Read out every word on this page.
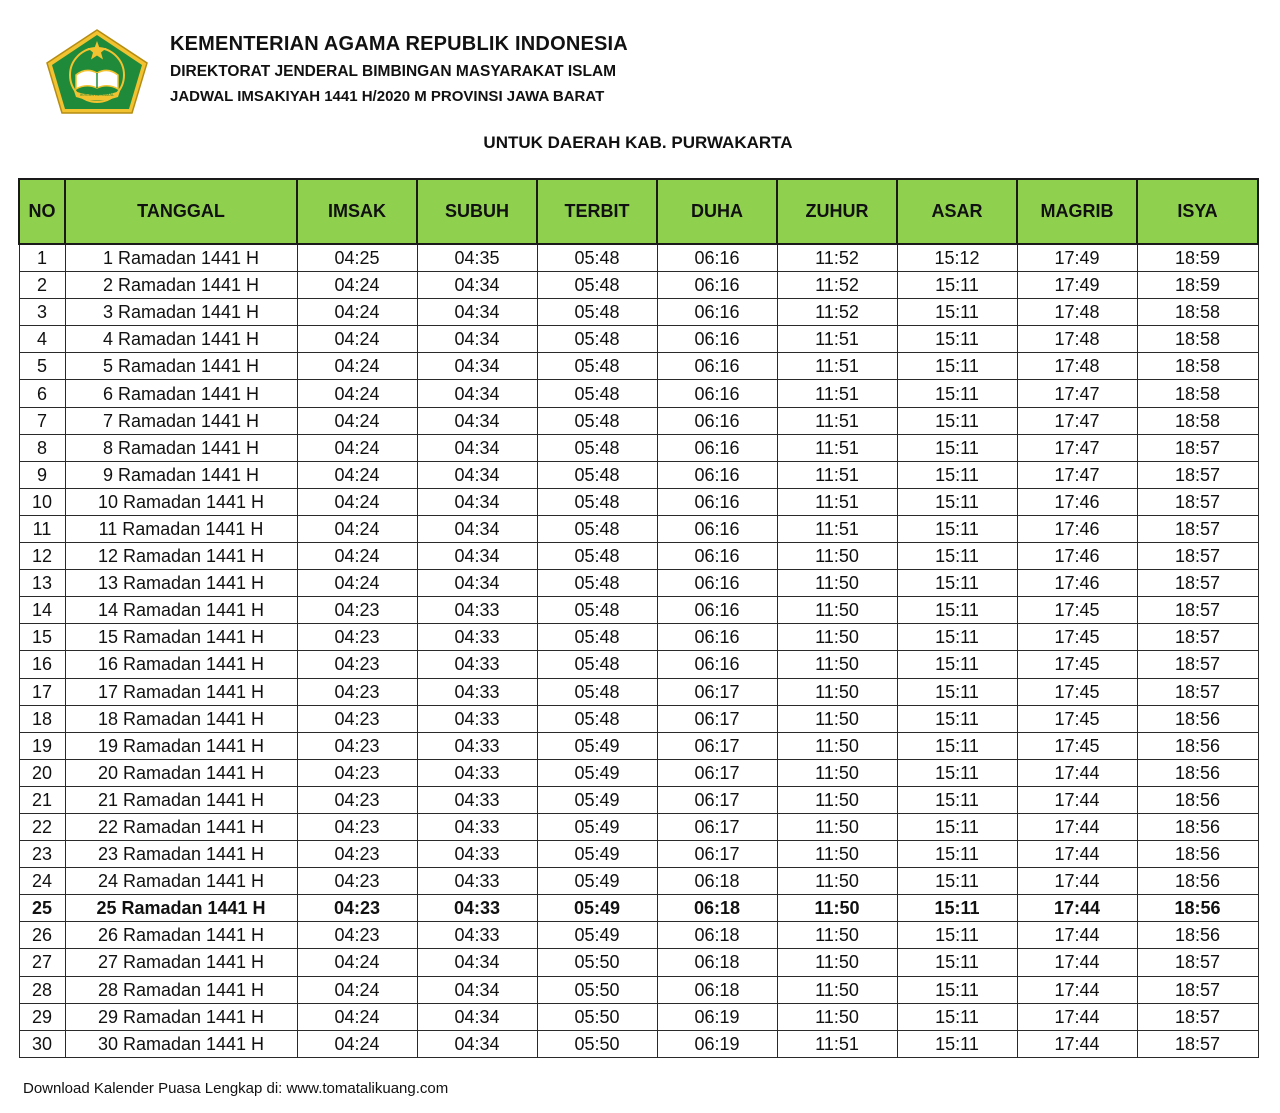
IKHLAS BERAMAL
KEMENTERIAN AGAMA REPUBLIK INDONESIA
DIREKTORAT JENDERAL BIMBINGAN MASYARAKAT ISLAM
JADWAL IMSAKIYAH 1441 H/2020 M PROVINSI JAWA BARAT
UNTUK DAERAH KAB. PURWAKARTA
NO	TANGGAL	IMSAK	SUBUH	TERBIT	DUHA	ZUHUR	ASAR	MAGRIB	ISYA
1	1 Ramadan 1441 H	04:25	04:35	05:48	06:16	11:52	15:12	17:49	18:59
2	2 Ramadan 1441 H	04:24	04:34	05:48	06:16	11:52	15:11	17:49	18:59
3	3 Ramadan 1441 H	04:24	04:34	05:48	06:16	11:52	15:11	17:48	18:58
4	4 Ramadan 1441 H	04:24	04:34	05:48	06:16	11:51	15:11	17:48	18:58
5	5 Ramadan 1441 H	04:24	04:34	05:48	06:16	11:51	15:11	17:48	18:58
6	6 Ramadan 1441 H	04:24	04:34	05:48	06:16	11:51	15:11	17:47	18:58
7	7 Ramadan 1441 H	04:24	04:34	05:48	06:16	11:51	15:11	17:47	18:58
8	8 Ramadan 1441 H	04:24	04:34	05:48	06:16	11:51	15:11	17:47	18:57
9	9 Ramadan 1441 H	04:24	04:34	05:48	06:16	11:51	15:11	17:47	18:57
10	10 Ramadan 1441 H	04:24	04:34	05:48	06:16	11:51	15:11	17:46	18:57
11	11 Ramadan 1441 H	04:24	04:34	05:48	06:16	11:51	15:11	17:46	18:57
12	12 Ramadan 1441 H	04:24	04:34	05:48	06:16	11:50	15:11	17:46	18:57
13	13 Ramadan 1441 H	04:24	04:34	05:48	06:16	11:50	15:11	17:46	18:57
14	14 Ramadan 1441 H	04:23	04:33	05:48	06:16	11:50	15:11	17:45	18:57
15	15 Ramadan 1441 H	04:23	04:33	05:48	06:16	11:50	15:11	17:45	18:57
16	16 Ramadan 1441 H	04:23	04:33	05:48	06:16	11:50	15:11	17:45	18:57
17	17 Ramadan 1441 H	04:23	04:33	05:48	06:17	11:50	15:11	17:45	18:57
18	18 Ramadan 1441 H	04:23	04:33	05:48	06:17	11:50	15:11	17:45	18:56
19	19 Ramadan 1441 H	04:23	04:33	05:49	06:17	11:50	15:11	17:45	18:56
20	20 Ramadan 1441 H	04:23	04:33	05:49	06:17	11:50	15:11	17:44	18:56
21	21 Ramadan 1441 H	04:23	04:33	05:49	06:17	11:50	15:11	17:44	18:56
22	22 Ramadan 1441 H	04:23	04:33	05:49	06:17	11:50	15:11	17:44	18:56
23	23 Ramadan 1441 H	04:23	04:33	05:49	06:17	11:50	15:11	17:44	18:56
24	24 Ramadan 1441 H	04:23	04:33	05:49	06:18	11:50	15:11	17:44	18:56
25	25 Ramadan 1441 H	04:23	04:33	05:49	06:18	11:50	15:11	17:44	18:56
26	26 Ramadan 1441 H	04:23	04:33	05:49	06:18	11:50	15:11	17:44	18:56
27	27 Ramadan 1441 H	04:24	04:34	05:50	06:18	11:50	15:11	17:44	18:57
28	28 Ramadan 1441 H	04:24	04:34	05:50	06:18	11:50	15:11	17:44	18:57
29	29 Ramadan 1441 H	04:24	04:34	05:50	06:19	11:50	15:11	17:44	18:57
30	30 Ramadan 1441 H	04:24	04:34	05:50	06:19	11:51	15:11	17:44	18:57
Download Kalender Puasa Lengkap di: www.tomatalikuang.com
